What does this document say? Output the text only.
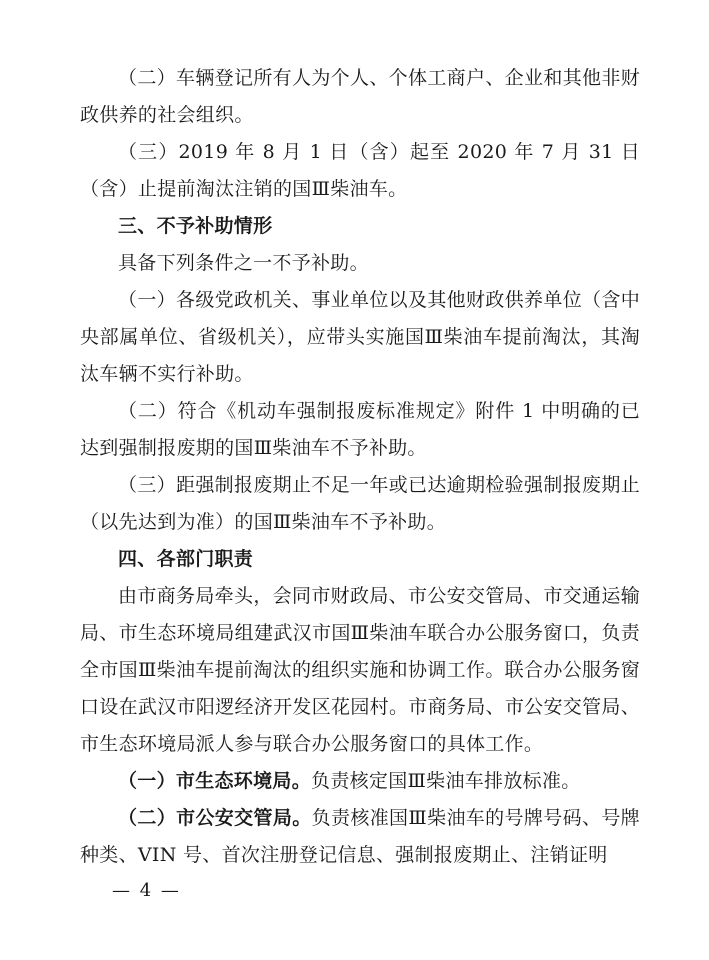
（二）车辆登记所有人为个人、个体工商户、企业和其他非财政供养的社会组织。

（三）2019 年 8 月 1 日（含）起至 2020 年 7 月 31 日（含）止提前淘汰注销的国Ⅲ柴油车。

三、不予补助情形

具备下列条件之一不予补助。

（一）各级党政机关、事业单位以及其他财政供养单位（含中央部属单位、省级机关），应带头实施国Ⅲ柴油车提前淘汰，其淘汰车辆不实行补助。

（二）符合《机动车强制报废标准规定》附件 1 中明确的已达到强制报废期的国Ⅲ柴油车不予补助。

（三）距强制报废期止不足一年或已达逾期检验强制报废期止（以先达到为准）的国Ⅲ柴油车不予补助。

四、各部门职责

由市商务局牵头，会同市财政局、市公安交管局、市交通运输局、市生态环境局组建武汉市国Ⅲ柴油车联合办公服务窗口，负责全市国Ⅲ柴油车提前淘汰的组织实施和协调工作。联合办公服务窗口设在武汉市阳逻经济开发区花园村。市商务局、市公安交管局、市生态环境局派人参与联合办公服务窗口的具体工作。

（一）市生态环境局。负责核定国Ⅲ柴油车排放标准。

（二）市公安交管局。负责核准国Ⅲ柴油车的号牌号码、号牌种类、VIN 号、首次注册登记信息、强制报废期止、注销证明

— 4 —
